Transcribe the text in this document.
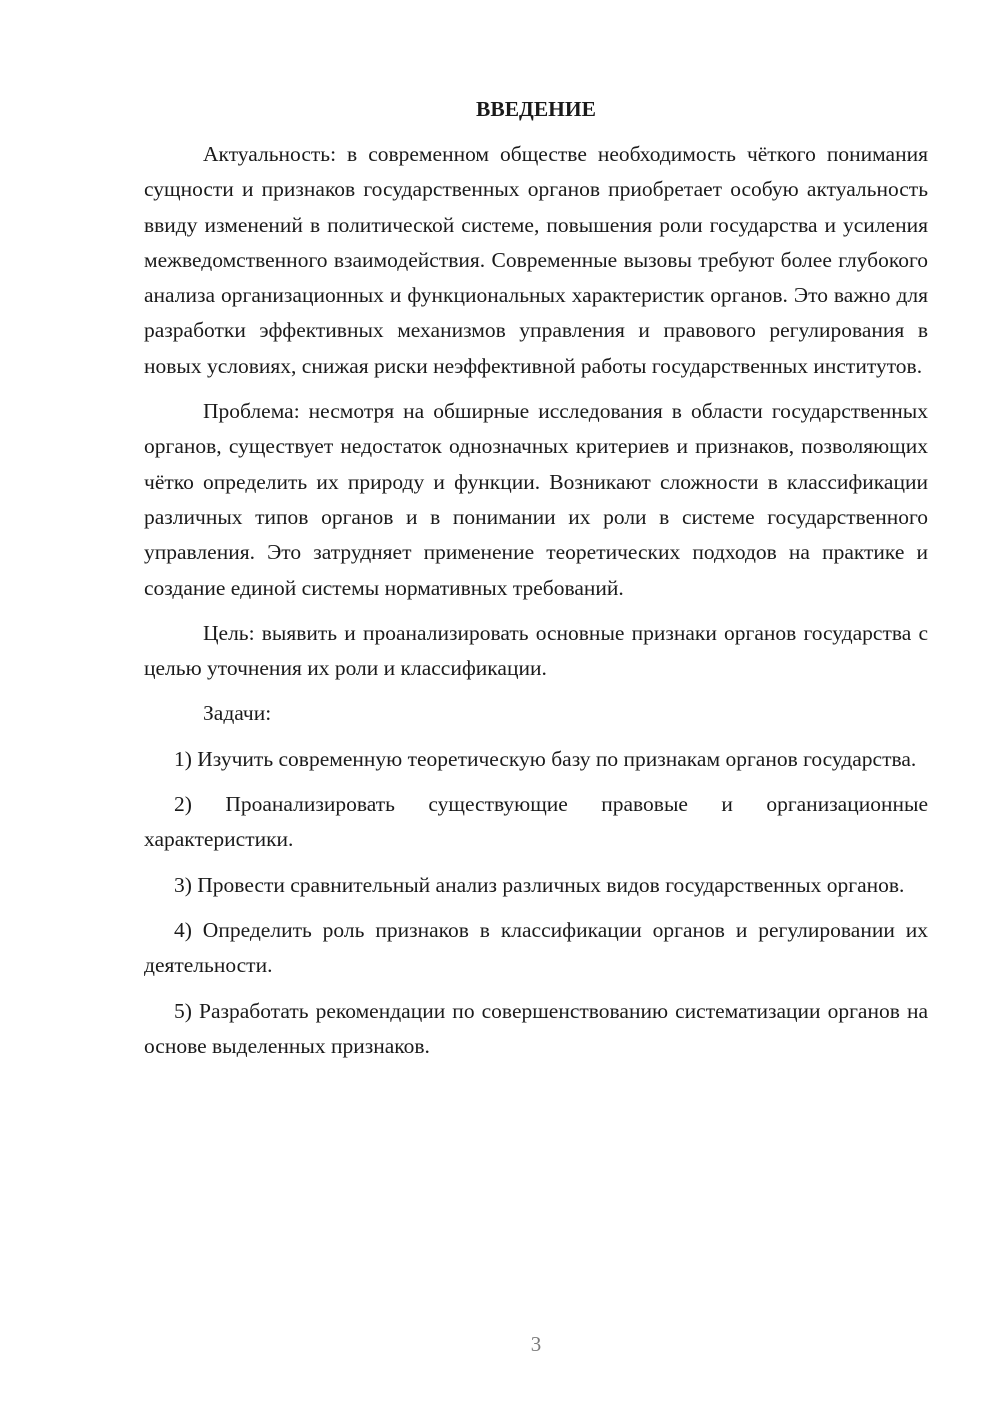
ВВЕДЕНИЕ

Актуальность: в современном обществе необходимость чёткого понимания сущности и признаков государственных органов приобретает особую актуальность ввиду изменений в политической системе, повышения роли государства и усиления межведомственного взаимодействия. Современные вызовы требуют более глубокого анализа организационных и функциональных характеристик органов. Это важно для разработки эффективных механизмов управления и правового регулирования в новых условиях, снижая риски неэффективной работы государственных институтов.

Проблема: несмотря на обширные исследования в области государственных органов, существует недостаток однозначных критериев и признаков, позволяющих чётко определить их природу и функции. Возникают сложности в классификации различных типов органов и в понимании их роли в системе государственного управления. Это затрудняет применение теоретических подходов на практике и создание единой системы нормативных требований.

Цель: выявить и проанализировать основные признаки органов государства с целью уточнения их роли и классификации.

Задачи:

1) Изучить современную теоретическую базу по признакам органов государства.

2) Проанализировать существующие правовые и организационные характеристики.

3) Провести сравнительный анализ различных видов государственных органов.

4) Определить роль признаков в классификации органов и регулировании их деятельности.

5) Разработать рекомендации по совершенствованию систематизации органов на основе выделенных признаков.

3
